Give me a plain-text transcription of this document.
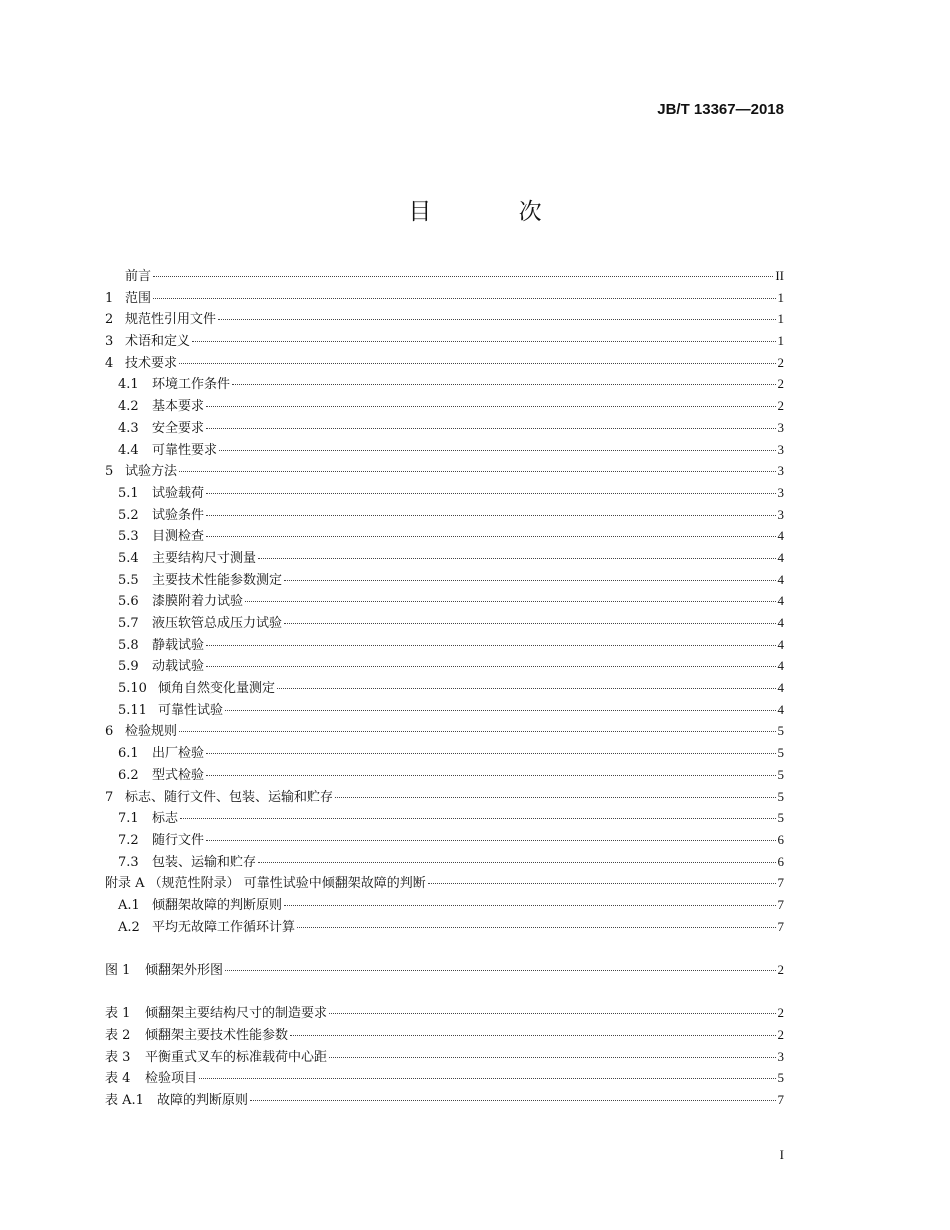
JB/T 13367—2018
目 次
前言	II
1 范围	1
2 规范性引用文件	1
3 术语和定义	1
4 技术要求	2
4.1	环境工作条件	2
4.2	基本要求	2
4.3	安全要求	3
4.4	可靠性要求	3
5 试验方法	3
5.1	试验载荷	3
5.2	试验条件	3
5.3	目测检查	4
5.4	主要结构尺寸测量	4
5.5	主要技术性能参数测定	4
5.6	漆膜附着力试验	4
5.7	液压软管总成压力试验	4
5.8	静载试验	4
5.9	动载试验	4
5.10 倾角自然变化量测定	4
5.11 可靠性试验	4
6 检验规则	5
6.1	出厂检验	5
6.2	型式检验	5
7 标志、随行文件、包装、运输和贮存	5
7.1	标志	5
7.2	随行文件	6
7.3	包装、运输和贮存	6
附录 A （规范性附录） 可靠性试验中倾翻架故障的判断	7
A.1 倾翻架故障的判断原则	7
A.2 平均无故障工作循环计算	7
图 1	倾翻架外形图	2
表 1	倾翻架主要结构尺寸的制造要求	2
表 2	倾翻架主要技术性能参数	2
表 3	平衡重式叉车的标准载荷中心距	3
表 4	检验项目	5
表 A.1	故障的判断原则	7
I
